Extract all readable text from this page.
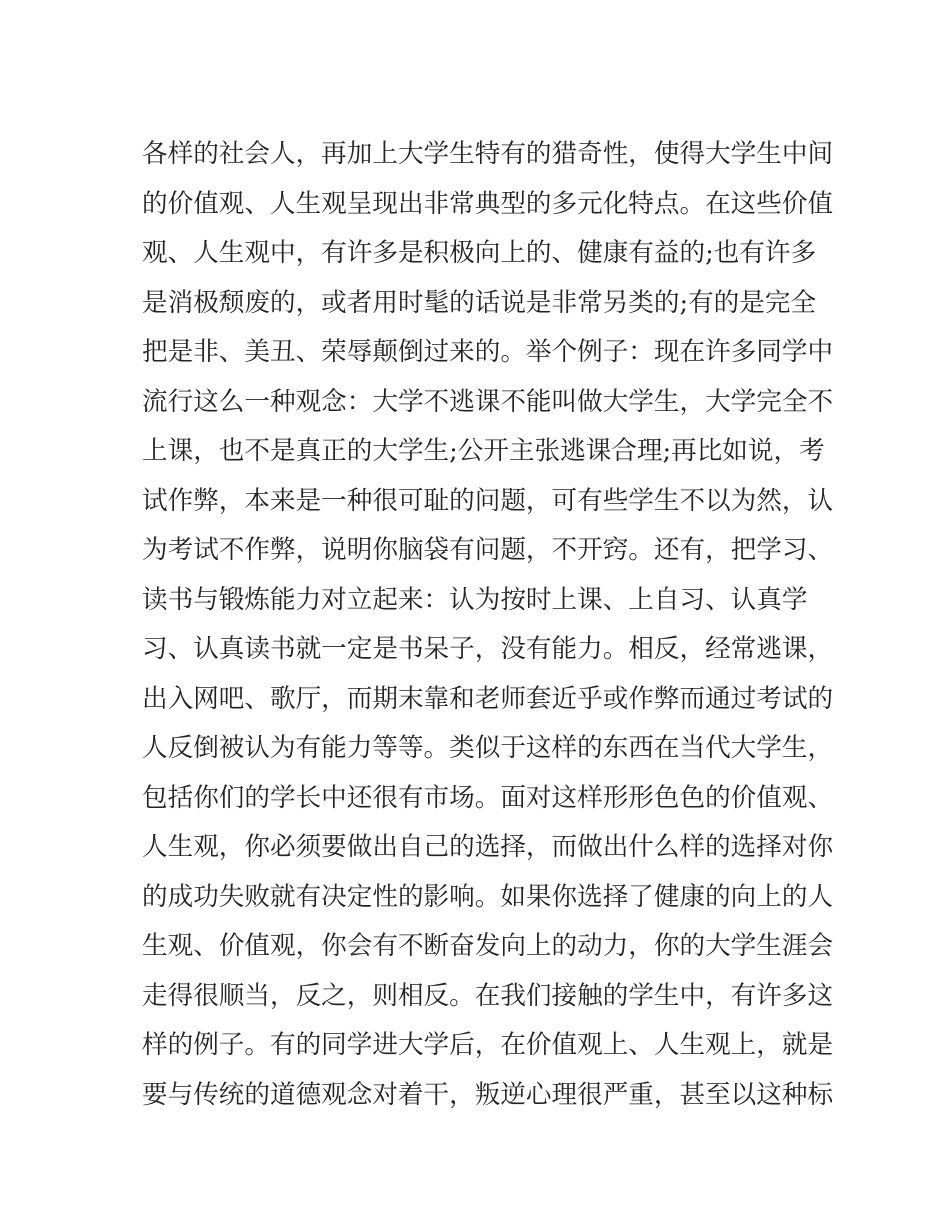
各样的社会人，再加上大学生特有的猎奇性，使得大学生中间
的价值观、人生观呈现出非常典型的多元化特点。在这些价值
观、人生观中，有许多是积极向上的、健康有益的;也有许多
是消极颓废的，或者用时髦的话说是非常另类的;有的是完全
把是非、美丑、荣辱颠倒过来的。举个例子：现在许多同学中
流行这么一种观念：大学不逃课不能叫做大学生，大学完全不
上课，也不是真正的大学生;公开主张逃课合理;再比如说，考
试作弊，本来是一种很可耻的问题，可有些学生不以为然，认
为考试不作弊，说明你脑袋有问题，不开窍。还有，把学习、
读书与锻炼能力对立起来：认为按时上课、上自习、认真学
习、认真读书就一定是书呆子，没有能力。相反，经常逃课，
出入网吧、歌厅，而期末靠和老师套近乎或作弊而通过考试的
人反倒被认为有能力等等。类似于这样的东西在当代大学生，
包括你们的学长中还很有市场。面对这样形形色色的价值观、
人生观，你必须要做出自己的选择，而做出什么样的选择对你
的成功失败就有决定性的影响。如果你选择了健康的向上的人
生观、价值观，你会有不断奋发向上的动力，你的大学生涯会
走得很顺当，反之，则相反。在我们接触的学生中，有许多这
样的例子。有的同学进大学后，在价值观上、人生观上，就是
要与传统的道德观念对着干，叛逆心理很严重，甚至以这种标
